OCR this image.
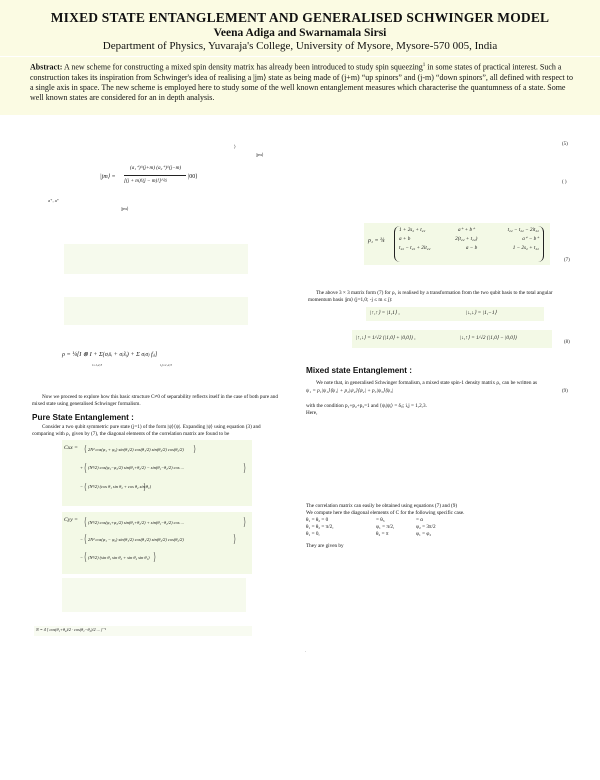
MIXED STATE ENTANGLEMENT AND GENERALISED SCHWINGER MODEL
Veena Adiga and Swarnamala Sirsi
Department of Physics, Yuvaraja's College, University of Mysore, Mysore-570 005, India
Abstract: A new scheme for constructing a mixed spin density matrix has already been introduced to study spin squeezing$^1$ in some states of practical interest. Such a construction takes its inspiration from Schwinger's idea of realising a |jm⟩ state as being made of (j+m) “up spinors” and (j-m) “down spinors”, all defined with respect to a single axis in space. The new scheme is employed here to study some of the well known entanglement measures which characterise the quantumness of a state. Some well known states are considered for an in depth analysis.
⟩
|jm⟩
|jm⟩ =
(a₁⁺)^(j+m) (a₂⁺)^(j−m)
[(j + m)!(j − m)!]^½
|00⟩
a⁺, a⁺
|jm⟩
ρ = ¼[I ⊗ I + Σ(σᵢs̄ᵢ + σᵢs̃ᵢ) + Σ σᵢσⱼ fᵢⱼ]
i=1,2,3	i,j=1,2,3
Now we proceed to explore how this basic structure C≠0 of separability reflects itself in the case of both pure and mixed state using generalised Schwinger formalism.
Pure State Entanglement :
Consider a two qubit symmetric pure state (j=1) of the form |ψ⟩⟨ψ|. Expanding |ψ⟩ using equation (3) and comparing with ρ₁ given by (7), the diagonal elements of the correlation matrix are found to be
Cxx = 2N² cos(φ₁ + φ₂) sin(θ₁/2) cos(θ₁/2) sin(θ₂/2) cos(θ₂/2)
+ (N²/2) cos(φ₁−φ₂/2) sin(θ₁+θ₂/2) − sin(θ₁−θ₂/2) cos ...
− (N²/2) (cos θ₁ sin θ₂ + cos θ₂ sin θ₁)
Cyy = (N²/2) cos(φ₁+φ₂/2) sin(θ₁+θ₂/2) + sin(θ₁−θ₂/2) cos ...
− 2N² cos(φ₁ − φ₂) sin(θ₁/2) cos(θ₁/2) sin(θ₂/2) cos(θ₂/2)
− (N²/2) (sin θ₁ sin θ₂ + sin θ₂ sin θ₁)
N = 4 [ cos(θ₁+θ₂)/2 · cos(θ₁−θ₂)/2 ... ]⁻¹
(5)
( )
ρ₁ = ¼
1 + 2s₂ + t₂₂	a⁺ + b⁺	t₂₂ − t₂₂ − 2it₂₂
a + b	2(t₂₂ + t₂₂)	a⁺ − b⁺
t₂₂ − t₂₂ + 2it₂₂	a − b	1 − 2s₂ + t₂₂
(7)
The above 3 × 3 matrix form (7) for ρ₁ is realised by a transformation from the two qubit basis to the total angular momentum basis |jm⟩ (j=1,0; -j ≤ m ≤ j):
|↑,↑⟩ = |1,1⟩ ,	|↓,↓⟩ = |1,−1⟩
|↑,↓⟩ = 1/√2 {|1,0⟩ + |0,0⟩} ,	|↓,↑⟩ = 1/√2 {|1,0⟩ − |0,0⟩}
(8)
Mixed state Entanglement :
We note that, in generalised Schwinger formalism, a mixed state spin-1 density matrix ρ₁ can be written as
ψ₁ = p₁|ψ₁⟩⟨ψ₁| + p₂|ψ₂⟩⟨ψ₂| + p₃|ψ₃⟩⟨ψ₃|	(9)
with the condition p₁+p₂+p₃=1 and ⟨ψᵢ|ψⱼ⟩ = δᵢⱼ; i,j = 1,2,3.
Here,
The correlation matrix can easily be obtained using equations (7) and (9)
We compute here the diagonal elements of C for the following specific case.
θ₁ = θ₂ = 0	= θ₃	= α
θ₁ = θ₂ = π/2,	φ₁ = π/2,	φ₂ = 3π/2
θ₁ = 0,	θ₂ = π	φ₁ = φ₂
They are given by
.
